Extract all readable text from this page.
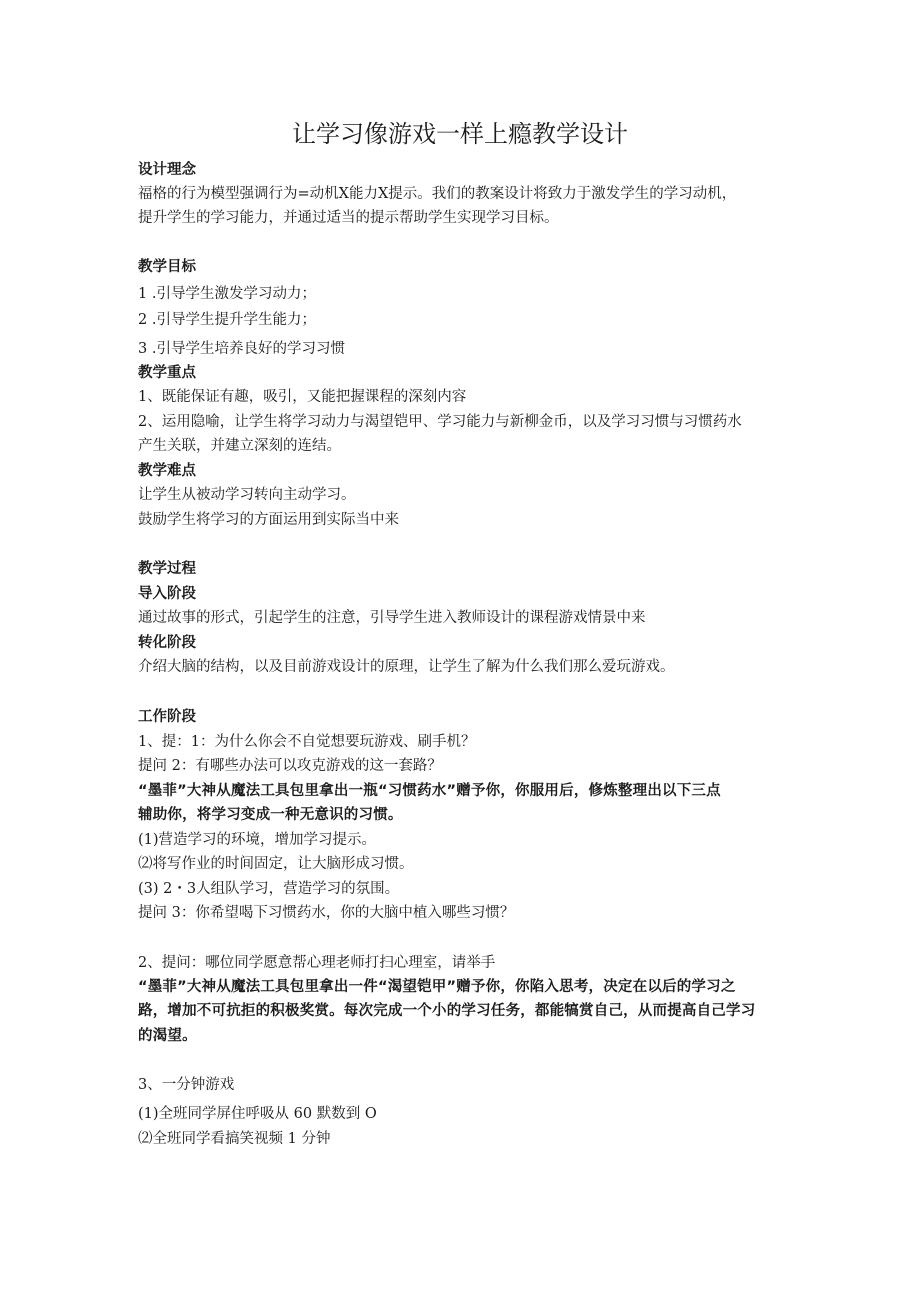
让学习像游戏一样上瘾教学设计

设计理念

福格的行为模型强调行为=动机X能力X提示。我们的教案设计将致力于激发学生的学习动机，

提升学生的学习能力，并通过适当的提示帮助学生实现学习目标。

教学目标

1 .引导学生激发学习动力；

2 .引导学生提升学生能力；

3 .引导学生培养良好的学习习惯

教学重点

1、既能保证有趣，吸引，又能把握课程的深刻内容

2、运用隐喻，让学生将学习动力与渴望铠甲、学习能力与新柳金币，以及学习习惯与习惯药水

产生关联，并建立深刻的连结。

教学难点

让学生从被动学习转向主动学习。

鼓励学生将学习的方面运用到实际当中来

教学过程

导入阶段

通过故事的形式，引起学生的注意，引导学生进入教师设计的课程游戏情景中来

转化阶段

介绍大脑的结构，以及目前游戏设计的原理，让学生了解为什么我们那么爱玩游戏。

工作阶段

1、提：1：为什么你会不自觉想要玩游戏、刷手机？

提问 2：有哪些办法可以攻克游戏的这一套路？

“墨菲”大神从魔法工具包里拿出一瓶“习惯药水”赠予你，你服用后，修炼整理出以下三点

辅助你，将学习变成一种无意识的习惯。

(1)营造学习的环境，增加学习提示。

⑵将写作业的时间固定，让大脑形成习惯。

(3) 2・3人组队学习，营造学习的氛围。

提问 3：你希望喝下习惯药水，你的大脑中植入哪些习惯？

2、提问：哪位同学愿意帮心理老师打扫心理室，请举手

“墨菲”大神从魔法工具包里拿出一件“渴望铠甲”赠予你，你陷入思考，决定在以后的学习之

路，增加不可抗拒的积极奖赏。每次完成一个小的学习任务，都能犒赏自己，从而提高自己学习

的渴望。

3、一分钟游戏

(1)全班同学屏住呼吸从 60 默数到 O

⑵全班同学看搞笑视频 1 分钟
